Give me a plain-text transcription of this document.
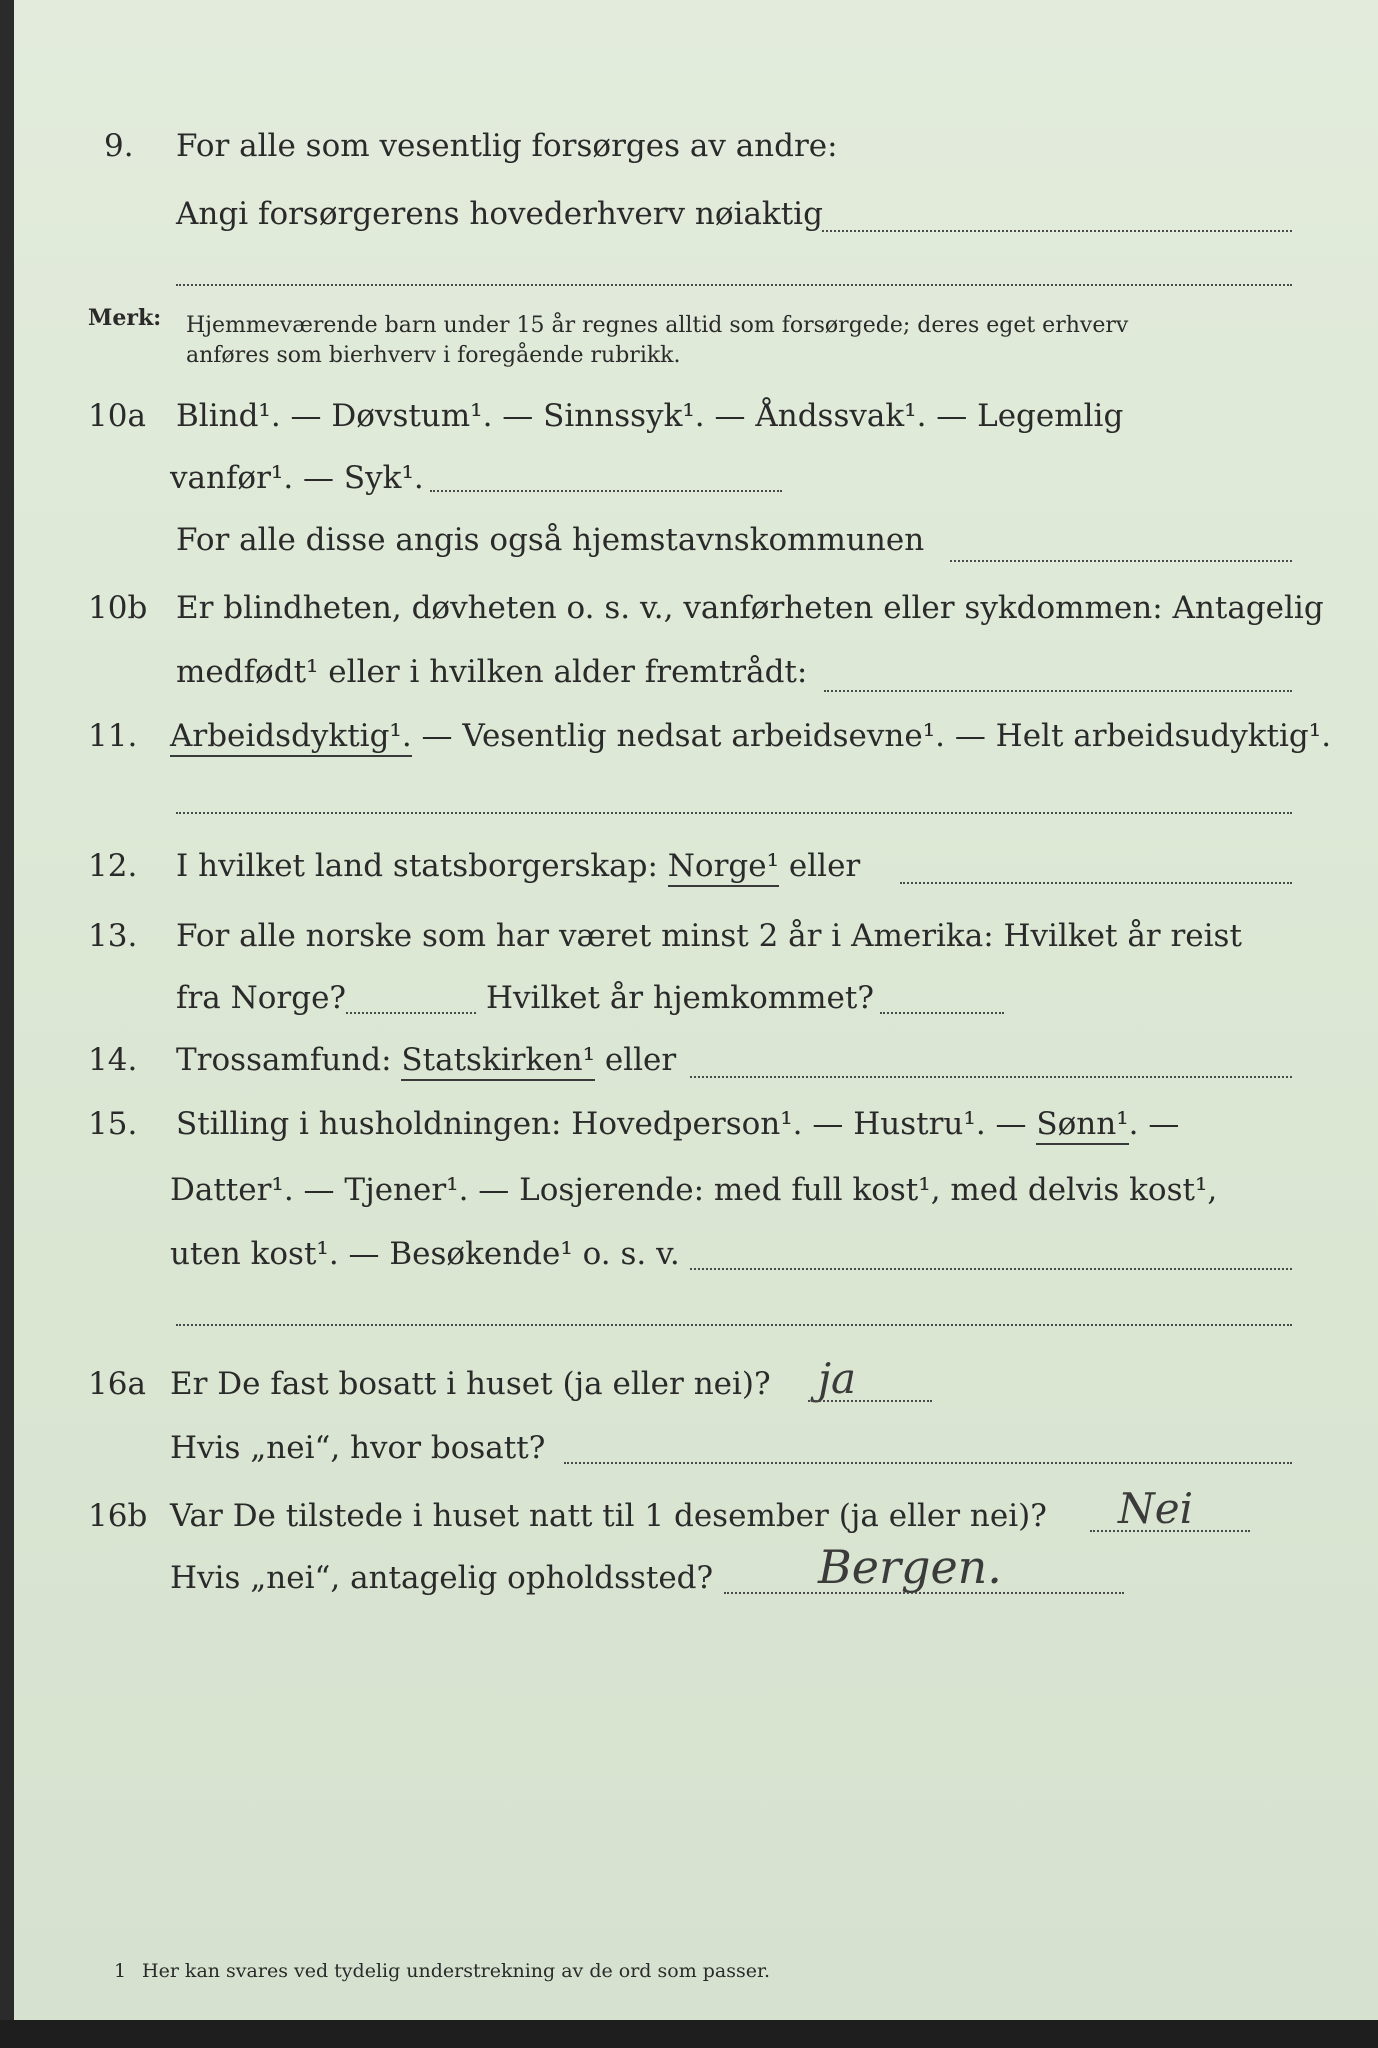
9. For alle som vesentlig forsørges av andre:
Angi forsørgerens hovederhverv nøiaktig
Merk: Hjemmeværende barn under 15 år regnes alltid som forsørgede; deres eget erhverv
anføres som bierhverv i foregående rubrikk.
10a Blind¹. — Døvstum¹. — Sinnssyk¹. — Åndssvak¹. — Legemlig
vanfør¹. — Syk¹.
For alle disse angis også hjemstavnskommunen
10b Er blindheten, døvheten o. s. v., vanførheten eller sykdommen: Antagelig
medfødt¹ eller i hvilken alder fremtrådt:
11. Arbeidsdyktig¹. — Vesentlig nedsat arbeidsevne¹. — Helt arbeidsudyktig¹.
12. I hvilket land statsborgerskap: Norge¹ eller
13. For alle norske som har været minst 2 år i Amerika: Hvilket år reist
fra Norge?	Hvilket år hjemkommet?
14. Trossamfund: Statskirken¹ eller
15. Stilling i husholdningen: Hovedperson¹. — Hustru¹. — Sønn¹. —
Datter¹. — Tjener¹. — Losjerende: med full kost¹, med delvis kost¹,
uten kost¹. — Besøkende¹ o. s. v.
16a Er De fast bosatt i huset (ja eller nei)? ja
Hvis „nei“, hvor bosatt?
16b Var De tilstede i huset natt til 1 desember (ja eller nei)? Nei
Hvis „nei“, antagelig opholdssted? Bergen.
1 Her kan svares ved tydelig understrekning av de ord som passer.
